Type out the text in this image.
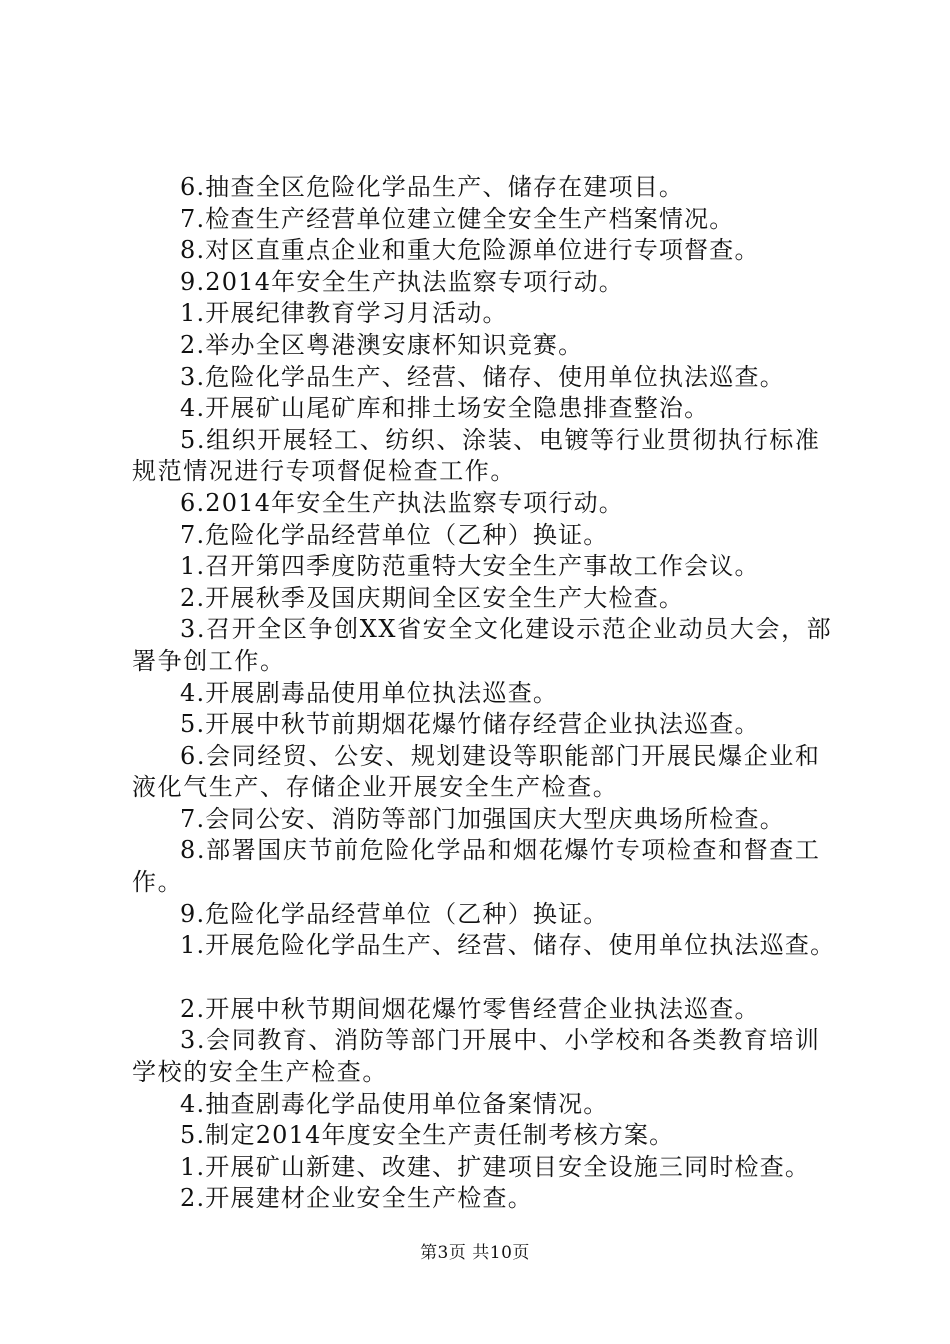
6.抽查全区危险化学品生产、储存在建项目。
7.检查生产经营单位建立健全安全生产档案情况。
8.对区直重点企业和重大危险源单位进行专项督查。
9.2014年安全生产执法监察专项行动。
1.开展纪律教育学习月活动。
2.举办全区粤港澳安康杯知识竞赛。
3.危险化学品生产、经营、储存、使用单位执法巡查。
4.开展矿山尾矿库和排土场安全隐患排查整治。
5.组织开展轻工、纺织、涂装、电镀等行业贯彻执行标准规范情况进行专项督促检查工作。
6.2014年安全生产执法监察专项行动。
7.危险化学品经营单位（乙种）换证。
1.召开第四季度防范重特大安全生产事故工作会议。
2.开展秋季及国庆期间全区安全生产大检查。
3.召开全区争创XX省安全文化建设示范企业动员大会，部署争创工作。
4.开展剧毒品使用单位执法巡查。
5.开展中秋节前期烟花爆竹储存经营企业执法巡查。
6.会同经贸、公安、规划建设等职能部门开展民爆企业和液化气生产、存储企业开展安全生产检查。
7.会同公安、消防等部门加强国庆大型庆典场所检查。
8.部署国庆节前危险化学品和烟花爆竹专项检查和督查工作。
9.危险化学品经营单位（乙种）换证。
1.开展危险化学品生产、经营、储存、使用单位执法巡查。
2.开展中秋节期间烟花爆竹零售经营企业执法巡查。
3.会同教育、消防等部门开展中、小学校和各类教育培训学校的安全生产检查。
4.抽查剧毒化学品使用单位备案情况。
5.制定2014年度安全生产责任制考核方案。
1.开展矿山新建、改建、扩建项目安全设施三同时检查。
2.开展建材企业安全生产检查。
第3页 共10页
